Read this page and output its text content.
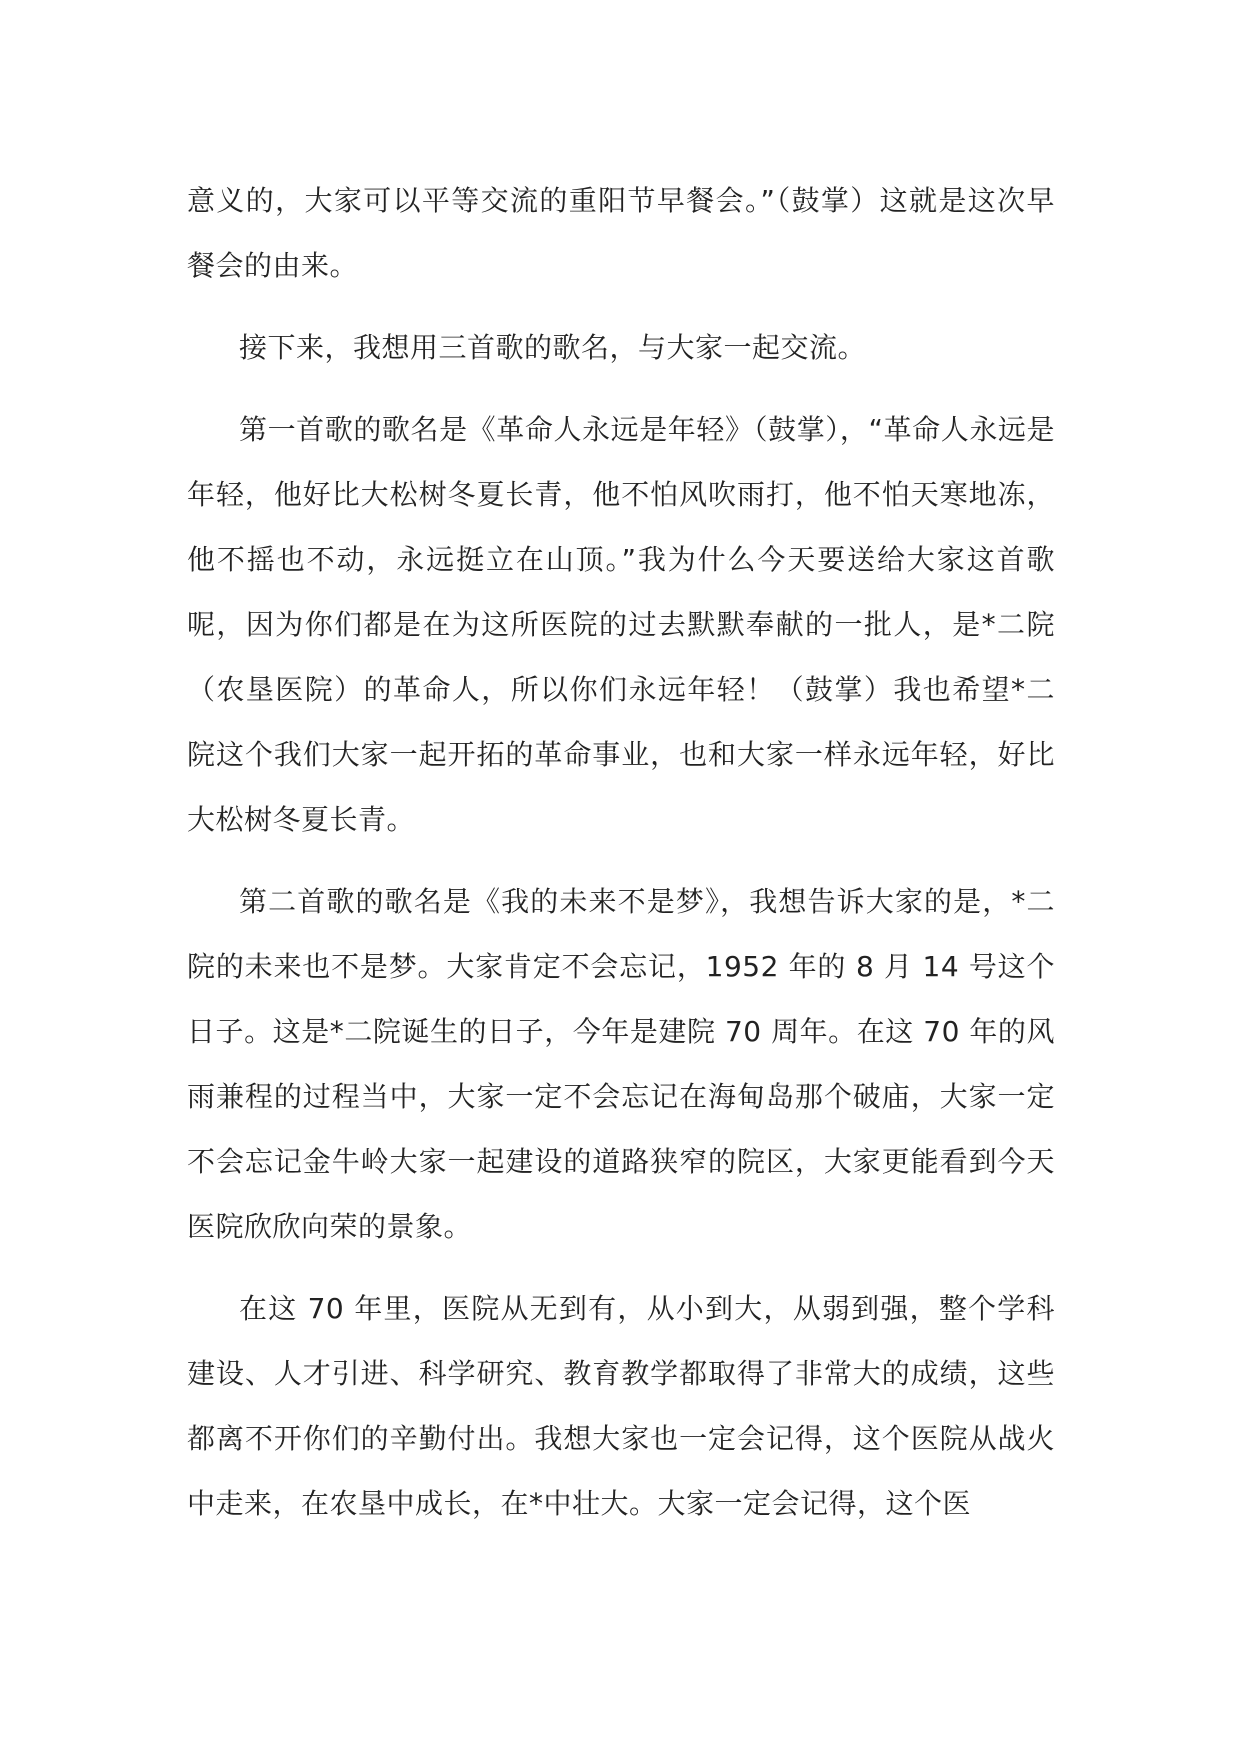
意义的，大家可以平等交流的重阳节早餐会。”（鼓掌）这就是这次早餐会的由来。

接下来，我想用三首歌的歌名，与大家一起交流。

第一首歌的歌名是《革命人永远是年轻》（鼓掌），“革命人永远是年轻，他好比大松树冬夏长青，他不怕风吹雨打，他不怕天寒地冻，他不摇也不动，永远挺立在山顶。”我为什么今天要送给大家这首歌呢，因为你们都是在为这所医院的过去默默奉献的一批人，是*二院（农垦医院）的革命人，所以你们永远年轻！（鼓掌）我也希望*二院这个我们大家一起开拓的革命事业，也和大家一样永远年轻，好比大松树冬夏长青。

第二首歌的歌名是《我的未来不是梦》，我想告诉大家的是，*二院的未来也不是梦。大家肯定不会忘记，1952 年的 8 月 14 号这个日子。这是*二院诞生的日子，今年是建院 70 周年。在这 70 年的风雨兼程的过程当中，大家一定不会忘记在海甸岛那个破庙，大家一定不会忘记金牛岭大家一起建设的道路狭窄的院区，大家更能看到今天医院欣欣向荣的景象。

在这 70 年里，医院从无到有，从小到大，从弱到强，整个学科建设、人才引进、科学研究、教育教学都取得了非常大的成绩，这些都离不开你们的辛勤付出。我想大家也一定会记得，这个医院从战火中走来，在农垦中成长，在*中壮大。大家一定会记得，这个医
